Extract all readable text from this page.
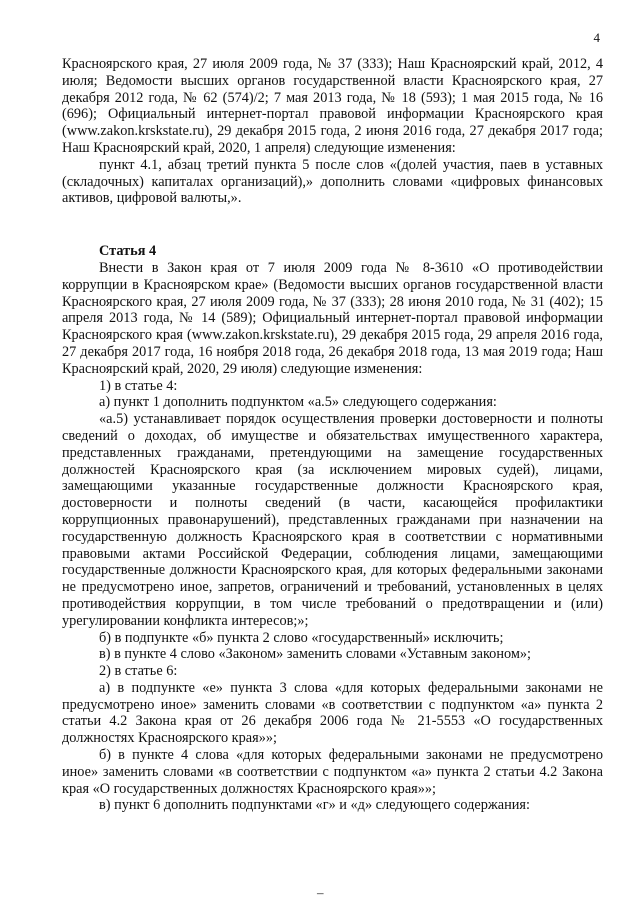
4

Красноярского края, 27 июля 2009 года, № 37 (333); Наш Красноярский край, 2012, 4 июля; Ведомости высших органов государственной власти Красноярского края, 27 декабря 2012 года, № 62 (574)/2; 7 мая 2013 года, № 18 (593); 1 мая 2015 года, № 16 (696); Официальный интернет-портал правовой информации Красноярского края (www.zakon.krskstate.ru), 29 декабря 2015 года, 2 июня 2016 года, 27 декабря 2017 года; Наш Красноярский край, 2020, 1 апреля) следующие изменения:

пункт 4.1, абзац третий пункта 5 после слов «(долей участия, паев в уставных (складочных) капиталах организаций),» дополнить словами «цифровых финансовых активов, цифровой валюты,».

Статья 4

Внести в Закон края от 7 июля 2009 года № 8-3610 «О противодействии коррупции в Красноярском крае» (Ведомости высших органов государственной власти Красноярского края, 27 июля 2009 года, № 37 (333); 28 июня 2010 года, № 31 (402); 15 апреля 2013 года, № 14 (589); Официальный интернет-портал правовой информации Красноярского края (www.zakon.krskstate.ru), 29 декабря 2015 года, 29 апреля 2016 года, 27 декабря 2017 года, 16 ноября 2018 года, 26 декабря 2018 года, 13 мая 2019 года; Наш Красноярский край, 2020, 29 июля) следующие изменения:

1) в статье 4:

а) пункт 1 дополнить подпунктом «а.5» следующего содержания:

«а.5) устанавливает порядок осуществления проверки достоверности и полноты сведений о доходах, об имуществе и обязательствах имущественного характера, представленных гражданами, претендующими на замещение государственных должностей Красноярского края (за исключением мировых судей), лицами, замещающими указанные государственные должности Красноярского края, достоверности и полноты сведений (в части, касающейся профилактики коррупционных правонарушений), представленных гражданами при назначении на государственную должность Красноярского края в соответствии с нормативными правовыми актами Российской Федерации, соблюдения лицами, замещающими государственные должности Красноярского края, для которых федеральными законами не предусмотрено иное, запретов, ограничений и требований, установленных в целях противодействия коррупции, в том числе требований о предотвращении и (или) урегулировании конфликта интересов;»;

б) в подпункте «б» пункта 2 слово «государственный» исключить;

в) в пункте 4 слово «Законом» заменить словами «Уставным законом»;

2) в статье 6:

а) в подпункте «е» пункта 3 слова «для которых федеральными законами не предусмотрено иное» заменить словами «в соответствии с подпунктом «а» пункта 2 статьи 4.2 Закона края от 26 декабря 2006 года № 21-5553 «О государственных должностях Красноярского края»»;

б) в пункте 4 слова «для которых федеральными законами не предусмотрено иное» заменить словами «в соответствии с подпунктом «а» пункта 2 статьи 4.2 Закона края «О государственных должностях Красноярского края»»;

в) пункт 6 дополнить подпунктами «г» и «д» следующего содержания:

–
